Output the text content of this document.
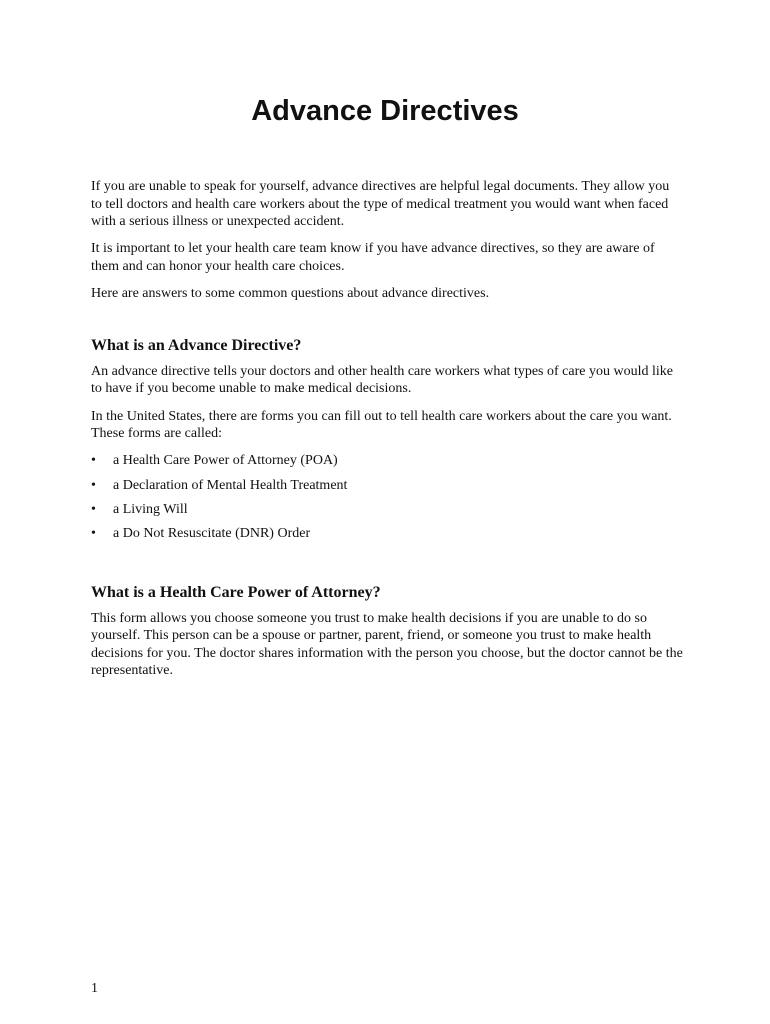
Advance Directives

If you are unable to speak for yourself, advance directives are helpful legal documents. They allow you to tell doctors and health care workers about the type of medical treatment you would want when faced with a serious illness or unexpected accident.

It is important to let your health care team know if you have advance directives, so they are aware of them and can honor your health care choices.

Here are answers to some common questions about advance directives.

What is an Advance Directive?

An advance directive tells your doctors and other health care workers what types of care you would like to have if you become unable to make medical decisions.

In the United States, there are forms you can fill out to tell health care workers about the care you want. These forms are called:

•	a Health Care Power of Attorney (POA)
•	a Declaration of Mental Health Treatment
•	a Living Will
•	a Do Not Resuscitate (DNR) Order
What is a Health Care Power of Attorney?

This form allows you choose someone you trust to make health decisions if you are unable to do so yourself. This person can be a spouse or partner, parent, friend, or someone you trust to make health decisions for you. The doctor shares information with the person you choose, but the doctor cannot be the representative.

1
